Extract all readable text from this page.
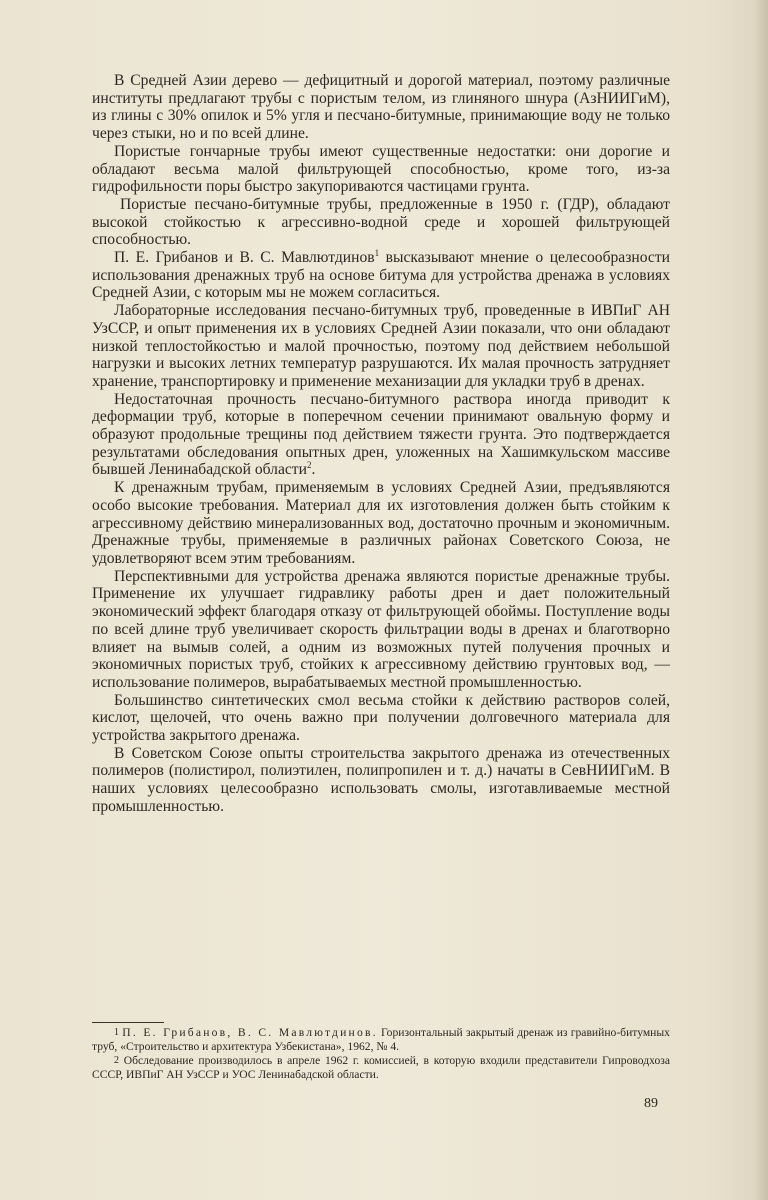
В Средней Азии дерево — дефицитный и дорогой материал, поэтому различные институты предлагают трубы с пористым телом, из глиняного шнура (АзНИИГиМ), из глины с 30% опилок и 5% угля и песчано-битумные, принимающие воду не только через стыки, но и по всей длине.

Пористые гончарные трубы имеют существенные недостатки: они дорогие и обладают весьма малой фильтрующей способностью, кроме того, из-за гидрофильности поры быстро закупориваются частицами грунта.

Пористые песчано-битумные трубы, предложенные в 1950 г. (ГДР), обладают высокой стойкостью к агрессивно-водной среде и хорошей фильтрующей способностью.

П. Е. Грибанов и В. С. Мавлютдинов$^1$ высказывают мнение о целесообразности использования дренажных труб на основе битума для устройства дренажа в условиях Средней Азии, с которым мы не можем согласиться.

Лабораторные исследования песчано-битумных труб, проведенные в ИВПиГ АН УзССР, и опыт применения их в условиях Средней Азии показали, что они обладают низкой теплостойкостью и малой прочностью, поэтому под действием небольшой нагрузки и высоких летних температур разрушаются. Их малая прочность затрудняет хранение, транспортировку и применение механизации для укладки труб в дренах.

Недостаточная прочность песчано-битумного раствора иногда приводит к деформации труб, которые в поперечном сечении принимают овальную форму и образуют продольные трещины под действием тяжести грунта. Это подтверждается результатами обследования опытных дрен, уложенных на Хашимкульском массиве бывшей Ленинабадской области$^2$.

К дренажным трубам, применяемым в условиях Средней Азии, предъявляются особо высокие требования. Материал для их изготовления должен быть стойким к агрессивному действию минерализованных вод, достаточно прочным и экономичным. Дренажные трубы, применяемые в различных районах Советского Союза, не удовлетворяют всем этим требованиям.

Перспективными для устройства дренажа являются пористые дренажные трубы. Применение их улучшает гидравлику работы дрен и дает положительный экономический эффект благодаря отказу от фильтрующей обоймы. Поступление воды по всей длине труб увеличивает скорость фильтрации воды в дренах и благотворно влияет на вымыв солей, а одним из возможных путей получения прочных и экономичных пористых труб, стойких к агрессивному действию грунтовых вод, — использование полимеров, вырабатываемых местной промышленностью.

Большинство синтетических смол весьма стойки к действию растворов солей, кислот, щелочей, что очень важно при получении долговечного материала для устройства закрытого дренажа.

В Советском Союзе опыты строительства закрытого дренажа из отечественных полимеров (полистирол, полиэтилен, полипропилен и т. д.) начаты в СевНИИГиМ. В наших условиях целесообразно использовать смолы, изготавливаемые местной промышленностью.

1 П. Е. Грибанов, В. С. Мавлютдинов. Горизонтальный закрытый дренаж из гравийно-битумных труб, «Строительство и архитектура Узбекистана», 1962, № 4.

2 Обследование производилось в апреле 1962 г. комиссией, в которую входили представители Гипроводхоза СССР, ИВПиГ АН УзССР и УОС Ленинабадской области.

89
